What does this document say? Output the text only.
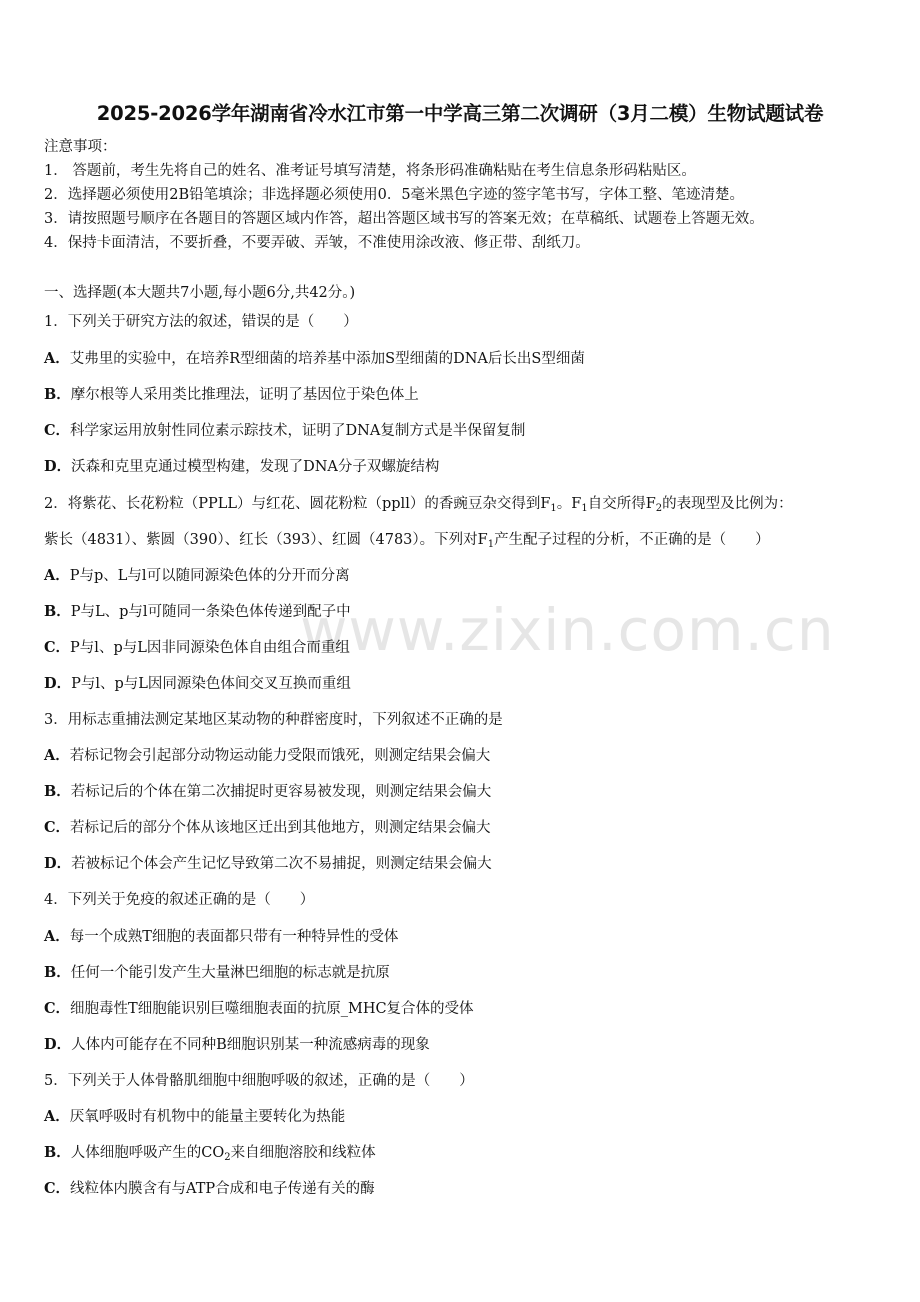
www.zixin.com.cn
2025-2026学年湖南省冷水江市第一中学高三第二次调研（3月二模）生物试题试卷
注意事项：
1． 答题前，考生先将自己的姓名、准考证号填写清楚，将条形码准确粘贴在考生信息条形码粘贴区。
2．选择题必须使用2B铅笔填涂；非选择题必须使用0．5毫米黑色字迹的签字笔书写，字体工整、笔迹清楚。
3．请按照题号顺序在各题目的答题区域内作答，超出答题区域书写的答案无效；在草稿纸、试题卷上答题无效。
4．保持卡面清洁，不要折叠，不要弄破、弄皱，不准使用涂改液、修正带、刮纸刀。
一、选择题(本大题共7小题,每小题6分,共42分。)
1．下列关于研究方法的叙述，错误的是（　　）
A．艾弗里的实验中，在培养R型细菌的培养基中添加S型细菌的DNA后长出S型细菌
B．摩尔根等人采用类比推理法，证明了基因位于染色体上
C．科学家运用放射性同位素示踪技术，证明了DNA复制方式是半保留复制
D．沃森和克里克通过模型构建，发现了DNA分子双螺旋结构
2．将紫花、长花粉粒（PPLL）与红花、圆花粉粒（ppll）的香豌豆杂交得到$F_1$。$F_1$自交所得$F_2$的表现型及比例为：
紫长（4831）、紫圆（390）、红长（393）、红圆（4783）。下列对$F_1$产生配子过程的分析，不正确的是（　　）
A．P与p、L与l可以随同源染色体的分开而分离
B．P与L、p与l可随同一条染色体传递到配子中
C．P与l、p与L因非同源染色体自由组合而重组
D．P与l、p与L因同源染色体间交叉互换而重组
3．用标志重捕法测定某地区某动物的种群密度时，下列叙述不正确的是
A．若标记物会引起部分动物运动能力受限而饿死，则测定结果会偏大
B．若标记后的个体在第二次捕捉时更容易被发现，则测定结果会偏大
C．若标记后的部分个体从该地区迁出到其他地方，则测定结果会偏大
D．若被标记个体会产生记忆导致第二次不易捕捉，则测定结果会偏大
4．下列关于免疫的叙述正确的是（　　）
A．每一个成熟T细胞的表面都只带有一种特异性的受体
B．任何一个能引发产生大量淋巴细胞的标志就是抗原
C．细胞毒性T细胞能识别巨噬细胞表面的抗原_MHC复合体的受体
D．人体内可能存在不同种B细胞识别某一种流感病毒的现象
5．下列关于人体骨骼肌细胞中细胞呼吸的叙述，正确的是（　　）
A．厌氧呼吸时有机物中的能量主要转化为热能
B．人体细胞呼吸产生的$CO_2$来自细胞溶胶和线粒体
C．线粒体内膜含有与ATP合成和电子传递有关的酶
